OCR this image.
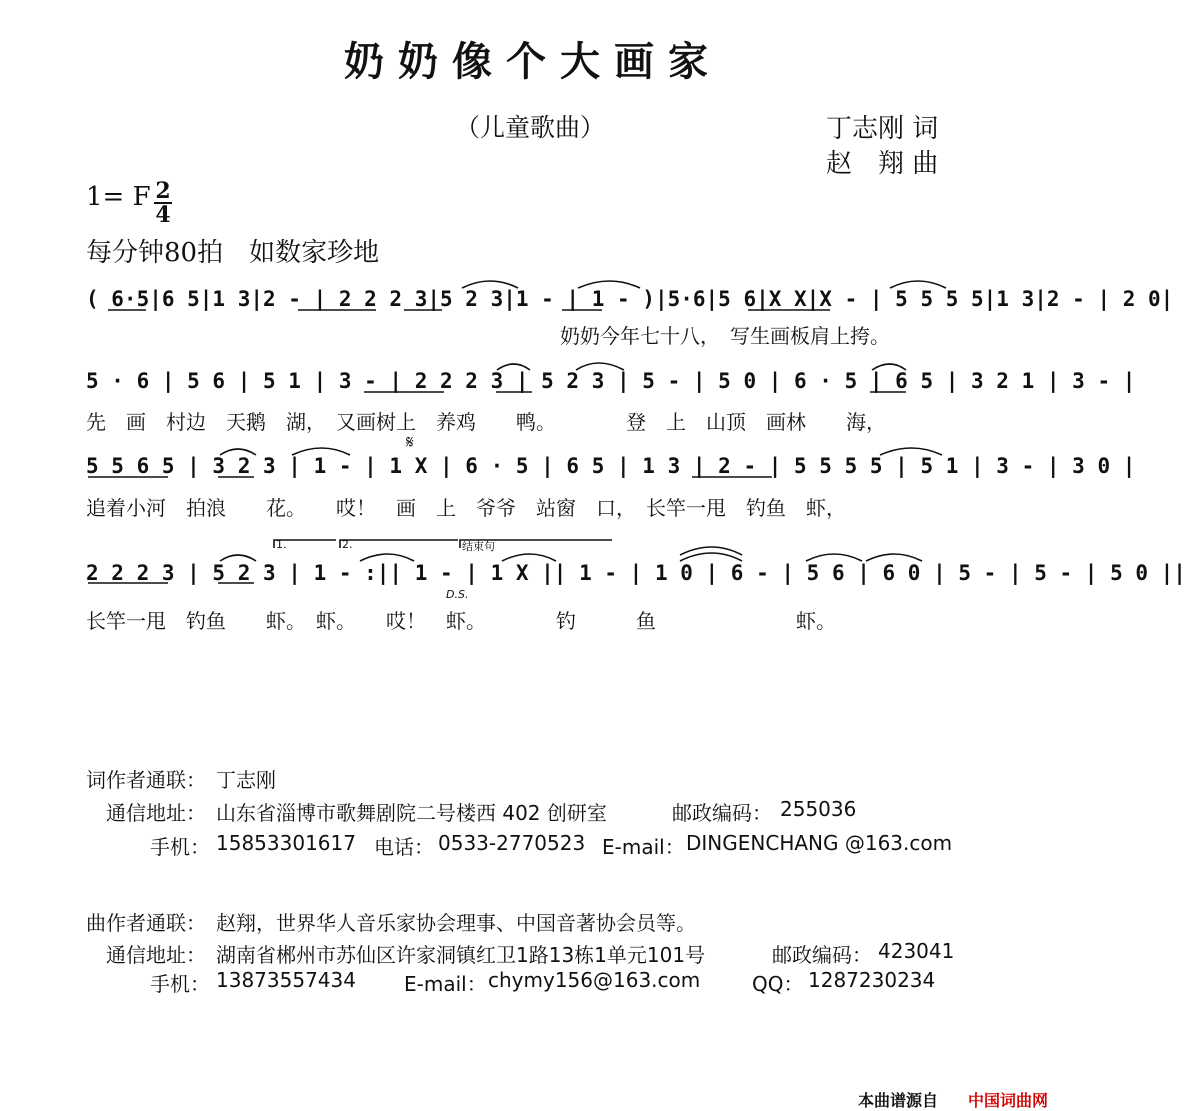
奶奶像个大画家
（儿童歌曲）	丁志刚 词
赵　翔 曲
1= F 2
4
每分钟80拍　如数家珍地
( 6·5|6 5|1 3|2 - | 2 2 2 3|5 2 3|1 - | 1 - )|5·6|5 6|X X|X - | 5 5 5 5|1 3|2 - | 2 0|
奶奶今年七十八，　写生画板肩上挎。
5 · 6 | 5 6 | 5 1 | 3 - | 2 2 2 3 | 5 2 3 | 5 - | 5 0 | 6 · 5 | 6 5 | 3 2 1 | 3 - |
先　画　村边　天鹅　湖，　又画树上　养鸡　　鸭。　　　　登　上　山顶　画林　　海，
𝄋
5 5 6 5 | 3 2 3 | 1 - | 1 X | 6 · 5 | 6 5 | 1 3 | 2 - | 5 5 5 5 | 5 1 | 3 - | 3 0 |
追着小河　拍浪　　花。　　哎！　画　上　爷爷　站窗　口，　长竿一甩　钓鱼　虾，
1.	2.	结束句
2 2 2 3 | 5 2 3 | 1 - :|| 1 - | 1 X || 1 - | 1 0 | 6 - | 5 6 | 6 0 | 5 - | 5 - | 5 0 ||
D.S.
长竿一甩　钓鱼　　虾。　虾。　　哎！　虾。　　　　钓　　　鱼　　　　　　　虾。
词作者通联： 丁志刚
通信地址： 山东省淄博市歌舞剧院二号楼西 402 创研室	邮政编码： 255036
手机： 15853301617 电话： 0533-2770523 E-mail： DINGENCHANG @163.com
曲作者通联： 赵翔，世界华人音乐家协会理事、中国音著协会员等。
通信地址： 湖南省郴州市苏仙区许家洞镇红卫1路13栋1单元101号	邮政编码： 423041
手机： 13873557434 E-mail： chymy156@163.com	QQ： 1287230234
本曲谱源自 中国词曲网
